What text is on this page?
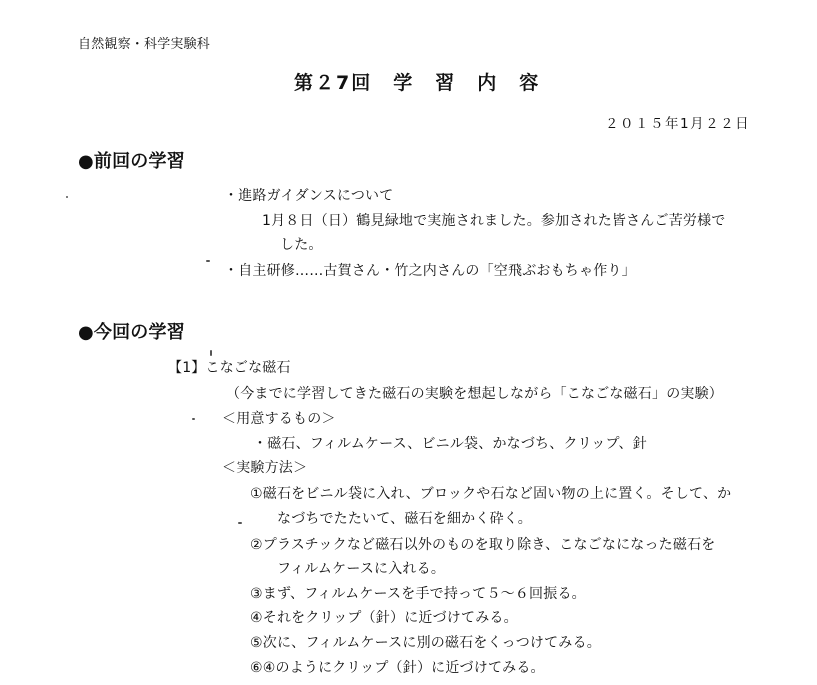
自然観察・科学実験科
第２7回　学　習　内　容
２０１５年1月２２日
●前回の学習
・進路ガイダンスについて
1月８日（日）鶴見緑地で実施されました。参加された皆さんご苦労様で
した。
・自主研修……古賀さん・竹之内さんの「空飛ぶおもちゃ作り」
●今回の学習
【1】こなごな磁石
（今までに学習してきた磁石の実験を想起しながら「こなごな磁石」の実験）
＜用意するもの＞
・磁石、フィルムケース、ビニル袋、かなづち、クリップ、針
＜実験方法＞
①磁石をビニル袋に入れ、ブロックや石など固い物の上に置く。そして、か
なづちでたたいて、磁石を細かく砕く。
②プラスチックなど磁石以外のものを取り除き、こなごなになった磁石を
フィルムケースに入れる。
③まず、フィルムケースを手で持って５～６回振る。
④それをクリップ（針）に近づけてみる。
⑤次に、フィルムケースに別の磁石をくっつけてみる。
⑥④のようにクリップ（針）に近づけてみる。
